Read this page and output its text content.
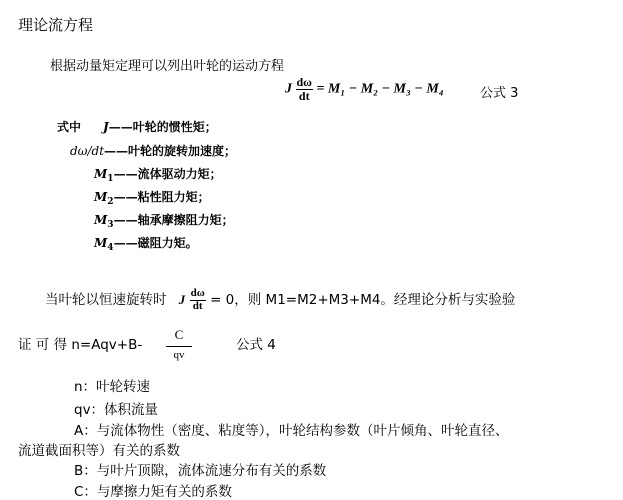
理论流方程
根据动量矩定理可以列出叶轮的运动方程
J $\frac{d\omega}{dt} = M_1 - M_2 - M_3 - M_4$	公式 3
式中 J——叶轮的惯性矩；
dω/dt——叶轮的旋转加速度；
$M_1——$流体驱动力矩；
$M_2——$粘性阻力矩；
$M_3——$轴承摩擦阻力矩；
$M_4——$磁阻力矩。
当叶轮以恒速旋转时 J $\frac{d\omega}{dt} = 0$，则 M1=M2+M3+M4。经理论分析与实验验
证 可 得 n=Aqv+B-
C
qv
公式 4
n：叶轮转速
qv：体积流量
A：与流体物性（密度、粘度等），叶轮结构参数（叶片倾角、叶轮直径、
流道截面积等）有关的系数
B：与叶片顶隙，流体流速分布有关的系数
C：与摩擦力矩有关的系数
